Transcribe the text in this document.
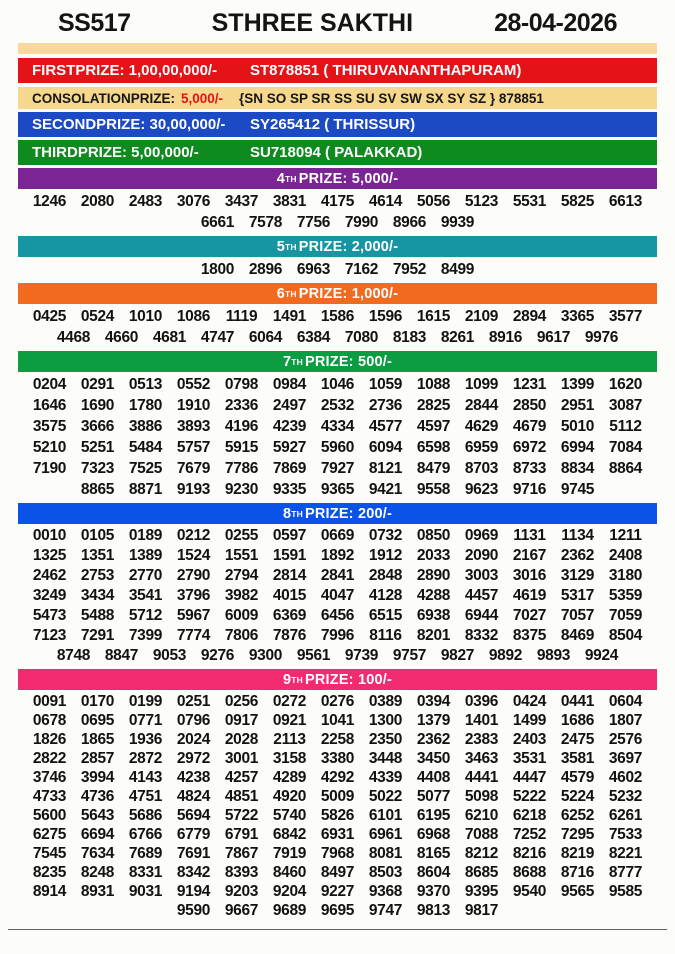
SS517	STHREE SAKTHI	28-04-2026
FIRSTPRIZE: 1,00,00,000/-	ST878851 ( THIRUVANANTHAPURAM)
CONSOLATIONPRIZE: 5,000/- {SN SO SP SR SS SU SV SW SX SY SZ } 878851
SECONDPRIZE: 30,00,000/-	SY265412 ( THRISSUR)
THIRDPRIZE: 5,00,000/-	SU718094 ( PALAKKAD)
4 TH PRIZE: 5,000/-
1246 2080 2483 3076 3437 3831 4175 4614 5056 5123 5531 5825 6613
6661 7578 7756 7990 8966 9939
5 TH PRIZE: 2,000/-
1800 2896 6963 7162 7952 8499
6 TH PRIZE: 1,000/-
0425 0524 1010 1086	1119	1491 1586 1596 1615 2109 2894 3365 3577
4468 4660 4681 4747 6064 6384 7080 8183 8261 8916 9617 9976
7 TH PRIZE: 500/-
0204 0291 0513 0552 0798 0984 1046 1059 1088 1099 1231 1399 1620
1646 1690 1780 1910 2336 2497 2532 2736 2825 2844 2850 2951 3087
3575 3666 3886 3893 4196 4239 4334 4577 4597 4629 4679 5010 5112
5210 5251 5484 5757 5915 5927 5960 6094 6598 6959 6972 6994 7084
7190 7323 7525 7679 7786 7869 7927 8121 8479 8703 8733 8834 8864
8865 8871 9193 9230 9335 9365 9421 9558 9623 9716 9745
8 TH PRIZE: 200/-
0010 0105 0189 0212 0255 0597 0669 0732 0850 0969 1131	1134	1211
1325 1351 1389 1524 1551 1591 1892 1912 2033 2090 2167 2362 2408
2462 2753 2770 2790 2794 2814 2841 2848 2890 3003 3016 3129 3180
3249 3434 3541 3796 3982 4015 4047 4128 4288 4457 4619 5317 5359
5473 5488 5712 5967 6009 6369 6456 6515 6938 6944 7027 7057 7059
7123 7291 7399 7774 7806 7876 7996 8116 8201 8332 8375 8469 8504
8748 8847 9053 9276 9300 9561 9739 9757 9827 9892 9893 9924
9 TH PRIZE: 100/-
0091 0170 0199 0251 0256 0272 0276 0389 0394 0396 0424 0441 0604
0678 0695 0771 0796 0917 0921 1041 1300 1379 1401 1499 1686 1807
1826 1865 1936 2024 2028 2113 2258 2350 2362 2383 2403 2475 2576
2822 2857 2872 2972 3001 3158 3380 3448 3450 3463 3531 3581 3697
3746 3994 4143 4238 4257 4289 4292 4339 4408 4441 4447 4579 4602
4733 4736 4751 4824 4851 4920 5009 5022 5077 5098 5222 5224 5232
5600 5643 5686 5694 5722 5740 5826 6101 6195 6210 6218 6252 6261
6275 6694 6766 6779 6791 6842 6931 6961 6968 7088 7252 7295 7533
7545 7634 7689 7691 7867 7919 7968 8081 8165 8212 8216 8219 8221
8235 8248 8331 8342 8393 8460 8497 8503 8604 8685 8688 8716 8777
8914 8931 9031 9194 9203 9204 9227 9368 9370 9395 9540 9565 9585
9590 9667 9689 9695 9747 9813 9817
